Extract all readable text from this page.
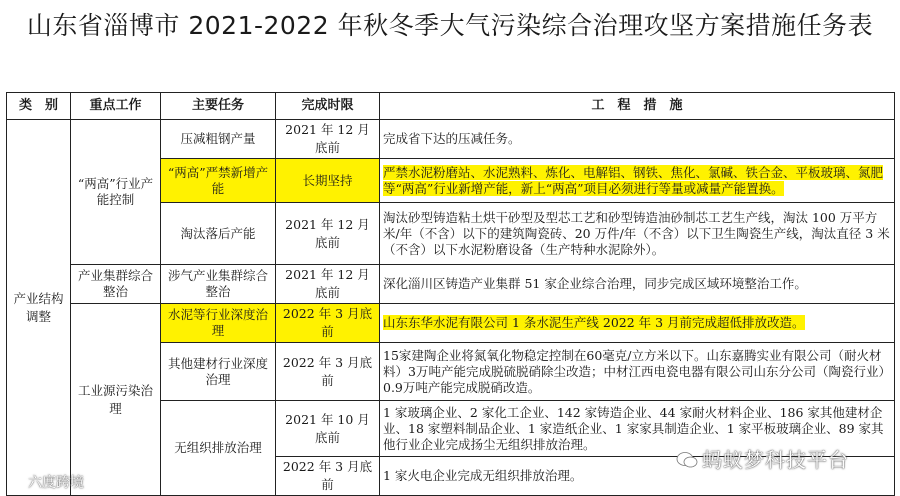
山东省淄博市 2021-2022 年秋冬季大气污染综合治理攻坚方案措施任务表
类　别	重点工作	主要任务	完成时限	工　程　措　施
产业结构调整	“两高”行业产能控制	压减粗钢产量	2021 年 12 月底前	完成省下达的压减任务。
		“两高”严禁新增产能	长期坚持	严禁水泥粉磨站、水泥熟料、炼化、电解铝、钢铁、焦化、氯碱、铁合金、平板玻璃、氮肥等“两高”行业新增产能，新上“两高”项目必须进行等量或减量产能置换。
		淘汰落后产能	2021 年 12 月底前	淘汰砂型铸造粘土烘干砂型及型芯工艺和砂型铸造油砂制芯工艺生产线，淘汰 100 万平方米/年（不含）以下的建筑陶瓷砖、20 万件/年（不含）以下卫生陶瓷生产线，淘汰直径 3 米（不含）以下水泥粉磨设备（生产特种水泥除外）。
	产业集群综合整治	涉气产业集群综合整治	2021 年 12 月底前	深化淄川区铸造产业集群 51 家企业综合治理，同步完成区域环境整治工作。
	工业源污染治理	水泥等行业深度治理	2022 年 3 月底前	山东东华水泥有限公司 1 条水泥生产线 2022 年 3 月前完成超低排放改造。
		其他建材行业深度治理	2022 年 3 月底前	15家建陶企业将氮氧化物稳定控制在60毫克/立方米以下。山东嘉腾实业有限公司（耐火材料）3万吨产能完成脱硫脱硝除尘改造；中材江西电瓷电器有限公司山东分公司（陶瓷行业）0.9万吨产能完成脱硝改造。
		无组织排放治理	2021 年 10 月底前	1 家玻璃企业、2 家化工企业、142 家铸造企业、44 家耐火材料企业、186 家其他建材企业、18 家塑料制品企业、1 家造纸企业、1 家家具制造企业、1 家平板玻璃企业、89 家其他行业企业完成扬尘无组织排放治理。
			2022 年 3 月底前	1 家火电企业完成无组织排放治理。
六度跨境
蚂蚁梦科技平台
